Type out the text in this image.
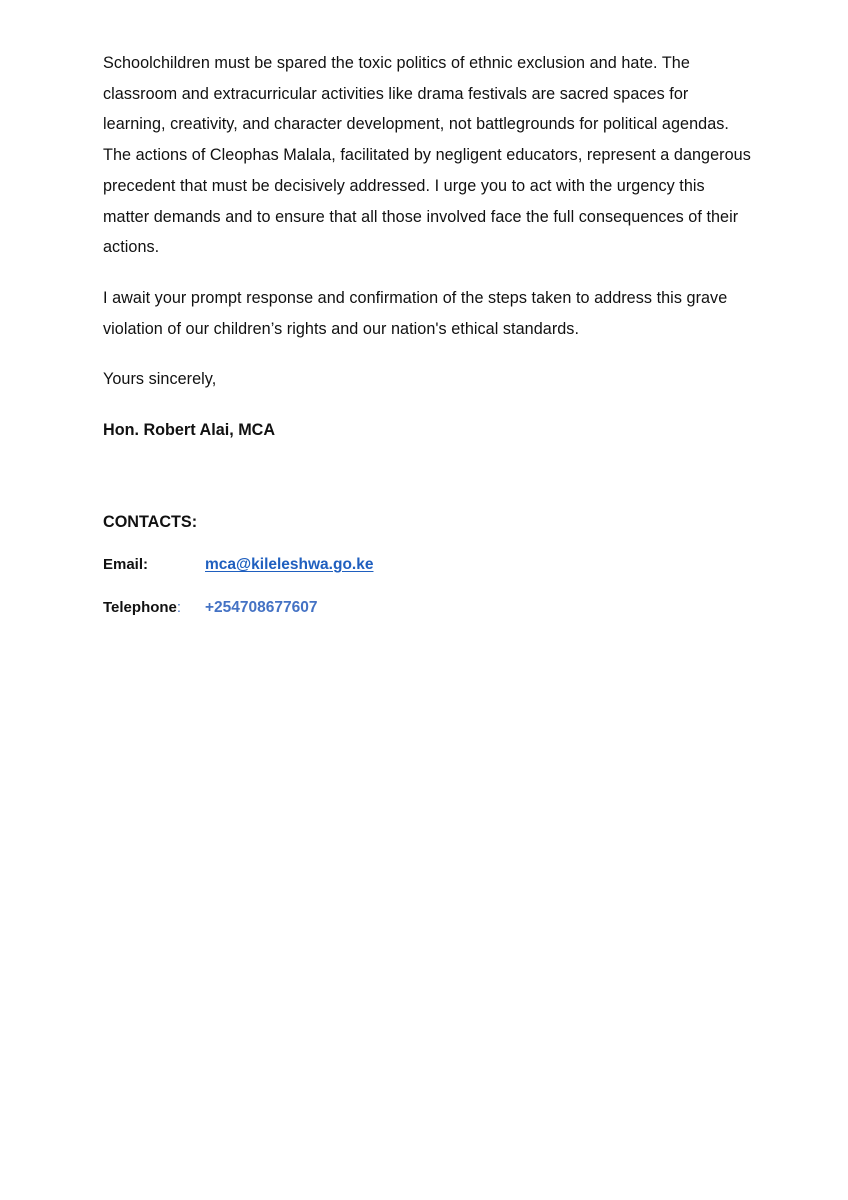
Schoolchildren must be spared the toxic politics of ethnic exclusion and hate. The classroom and extracurricular activities like drama festivals are sacred spaces for learning, creativity, and character development, not battlegrounds for political agendas. The actions of Cleophas Malala, facilitated by negligent educators, represent a dangerous precedent that must be decisively addressed. I urge you to act with the urgency this matter demands and to ensure that all those involved face the full consequences of their actions.

I await your prompt response and confirmation of the steps taken to address this grave violation of our children’s rights and our nation's ethical standards.

Yours sincerely,

Hon. Robert Alai, MCA

CONTACTS:

Email:	mca@kileleshwa.go.ke
Telephone: +254708677607
